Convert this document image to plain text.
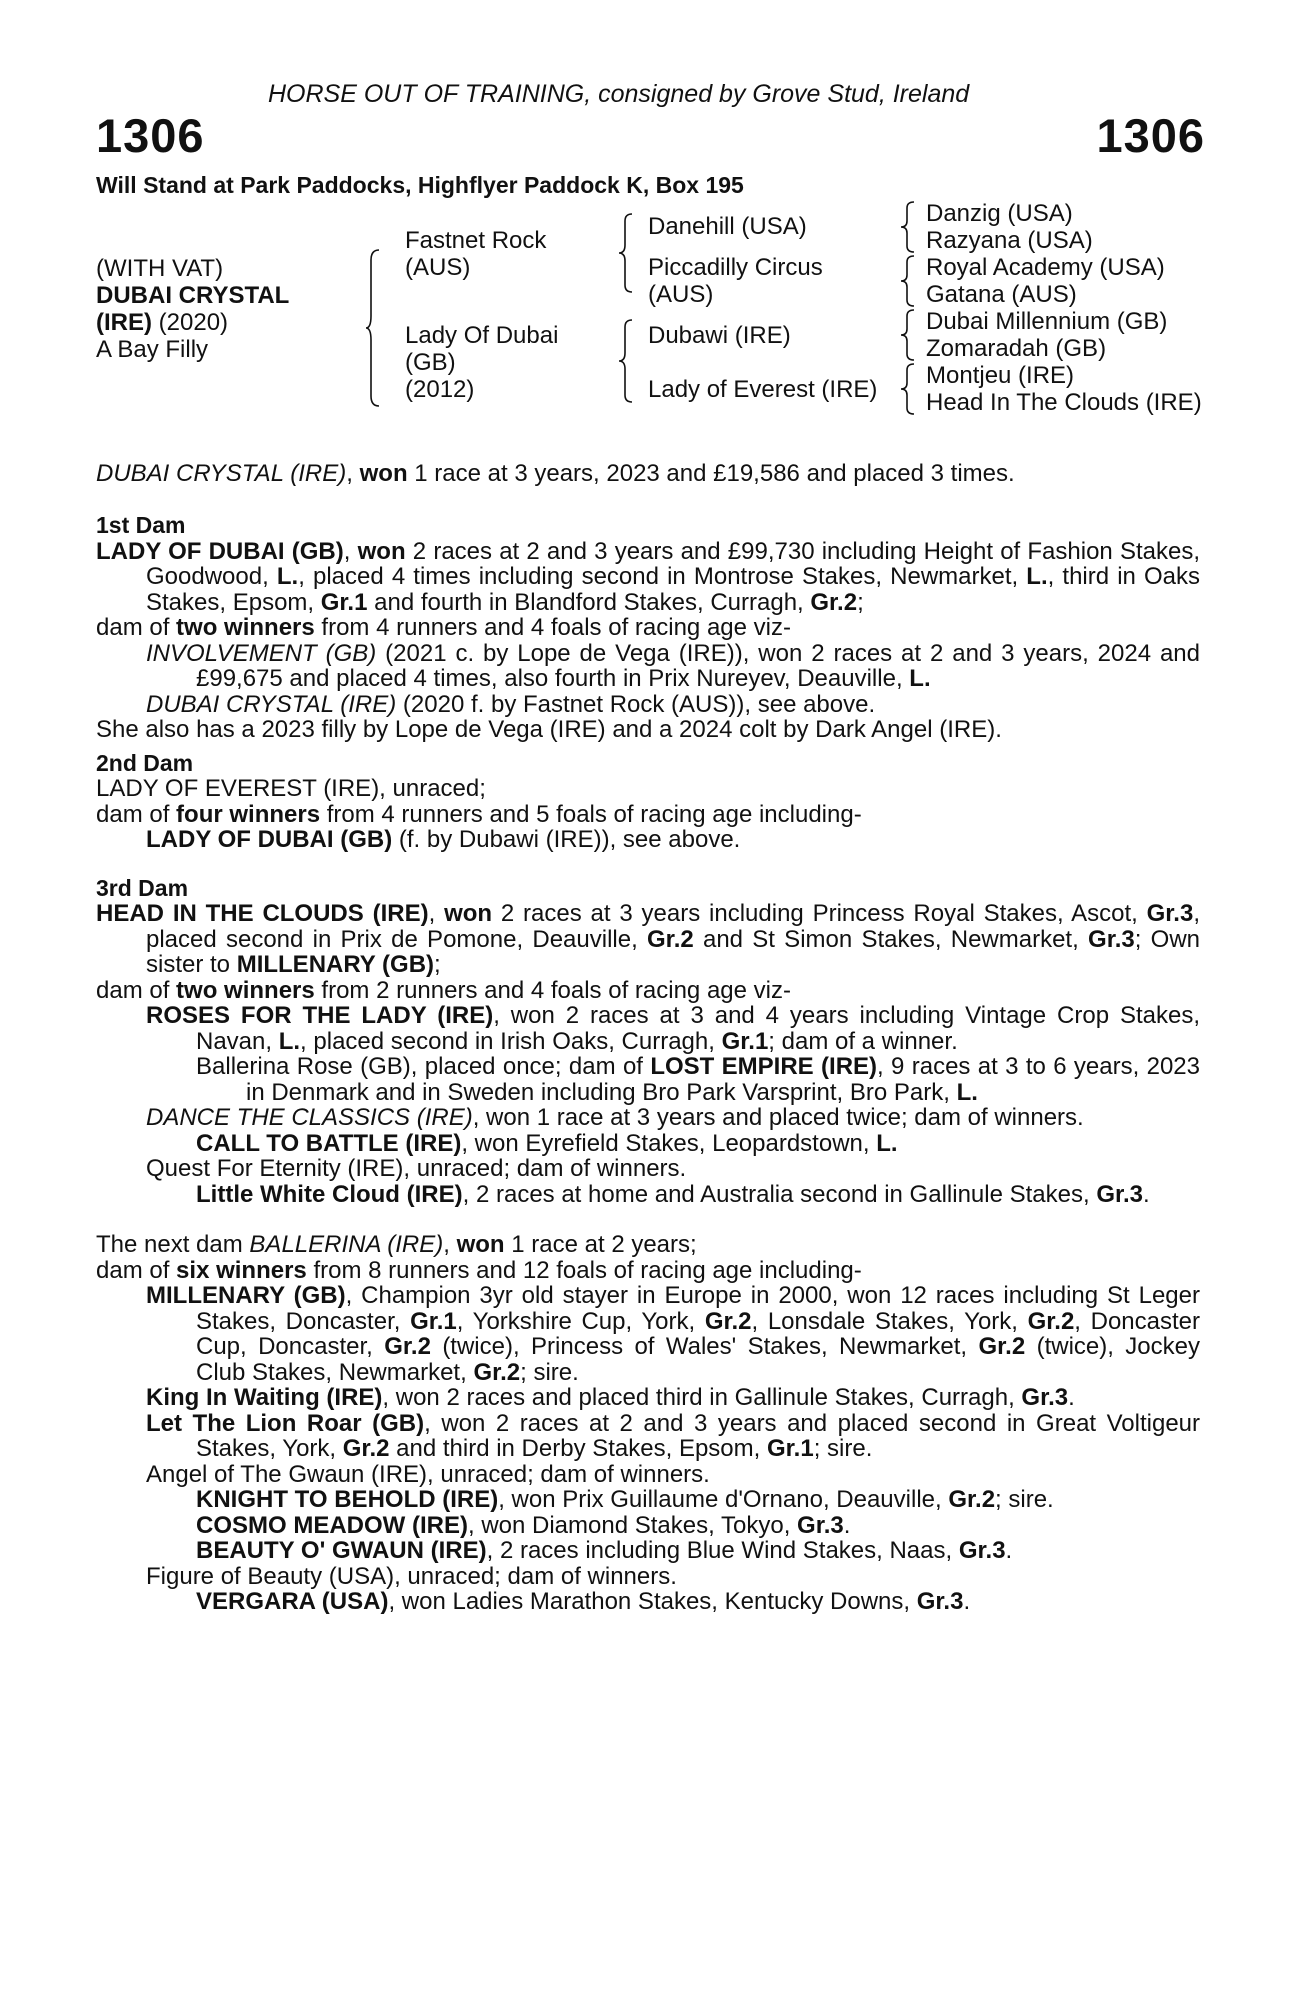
HORSE OUT OF TRAINING, consigned by Grove Stud, Ireland
1306	1306
Will Stand at Park Paddocks, Highflyer Paddock K, Box 195
(WITH VAT)
DUBAI CRYSTAL
(IRE) (2020)
A Bay Filly
Fastnet Rock
(AUS)
Lady Of Dubai
(GB)
(2012)
Danehill (USA)
Piccadilly Circus
(AUS)
Dubawi (IRE)
Lady of Everest (IRE)
Danzig (USA)
Razyana (USA)
Royal Academy (USA)
Gatana (AUS)
Dubai Millennium (GB)
Zomaradah (GB)
Montjeu (IRE)
Head In The Clouds (IRE)

DUBAI CRYSTAL (IRE), won 1 race at 3 years, 2023 and £19,586 and placed 3 times.

1st Dam

LADY OF DUBAI (GB), won 2 races at 2 and 3 years and £99,730 including Height of Fashion Stakes, Goodwood, L., placed 4 times including second in Montrose Stakes, Newmarket, L., third in Oaks Stakes, Epsom, Gr.1 and fourth in Blandford Stakes, Curragh, Gr.2;

dam of two winners from 4 runners and 4 foals of racing age viz-

INVOLVEMENT (GB) (2021 c. by Lope de Vega (IRE)), won 2 races at 2 and 3 years, 2024 and £99,675 and placed 4 times, also fourth in Prix Nureyev, Deauville, L.

DUBAI CRYSTAL (IRE) (2020 f. by Fastnet Rock (AUS)), see above.

She also has a 2023 filly by Lope de Vega (IRE) and a 2024 colt by Dark Angel (IRE).

2nd Dam

LADY OF EVEREST (IRE), unraced;

dam of four winners from 4 runners and 5 foals of racing age including-

LADY OF DUBAI (GB) (f. by Dubawi (IRE)), see above.

3rd Dam

HEAD IN THE CLOUDS (IRE), won 2 races at 3 years including Princess Royal Stakes, Ascot, Gr.3, placed second in Prix de Pomone, Deauville, Gr.2 and St Simon Stakes, Newmarket, Gr.3; Own sister to MILLENARY (GB);

dam of two winners from 2 runners and 4 foals of racing age viz-

ROSES FOR THE LADY (IRE), won 2 races at 3 and 4 years including Vintage Crop Stakes, Navan, L., placed second in Irish Oaks, Curragh, Gr.1; dam of a winner.

Ballerina Rose (GB), placed once; dam of LOST EMPIRE (IRE), 9 races at 3 to 6 years, 2023 in Denmark and in Sweden including Bro Park Varsprint, Bro Park, L.

DANCE THE CLASSICS (IRE), won 1 race at 3 years and placed twice; dam of winners.

CALL TO BATTLE (IRE), won Eyrefield Stakes, Leopardstown, L.

Quest For Eternity (IRE), unraced; dam of winners.

Little White Cloud (IRE), 2 races at home and Australia second in Gallinule Stakes, Gr.3.

The next dam BALLERINA (IRE), won 1 race at 2 years;

dam of six winners from 8 runners and 12 foals of racing age including-

MILLENARY (GB), Champion 3yr old stayer in Europe in 2000, won 12 races including St Leger Stakes, Doncaster, Gr.1, Yorkshire Cup, York, Gr.2, Lonsdale Stakes, York, Gr.2, Doncaster Cup, Doncaster, Gr.2 (twice), Princess of Wales' Stakes, Newmarket, Gr.2 (twice), Jockey Club Stakes, Newmarket, Gr.2; sire.

King In Waiting (IRE), won 2 races and placed third in Gallinule Stakes, Curragh, Gr.3.

Let The Lion Roar (GB), won 2 races at 2 and 3 years and placed second in Great Voltigeur Stakes, York, Gr.2 and third in Derby Stakes, Epsom, Gr.1; sire.

Angel of The Gwaun (IRE), unraced; dam of winners.

KNIGHT TO BEHOLD (IRE), won Prix Guillaume d'Ornano, Deauville, Gr.2; sire.

COSMO MEADOW (IRE), won Diamond Stakes, Tokyo, Gr.3.

BEAUTY O' GWAUN (IRE), 2 races including Blue Wind Stakes, Naas, Gr.3.

Figure of Beauty (USA), unraced; dam of winners.

VERGARA (USA), won Ladies Marathon Stakes, Kentucky Downs, Gr.3.
